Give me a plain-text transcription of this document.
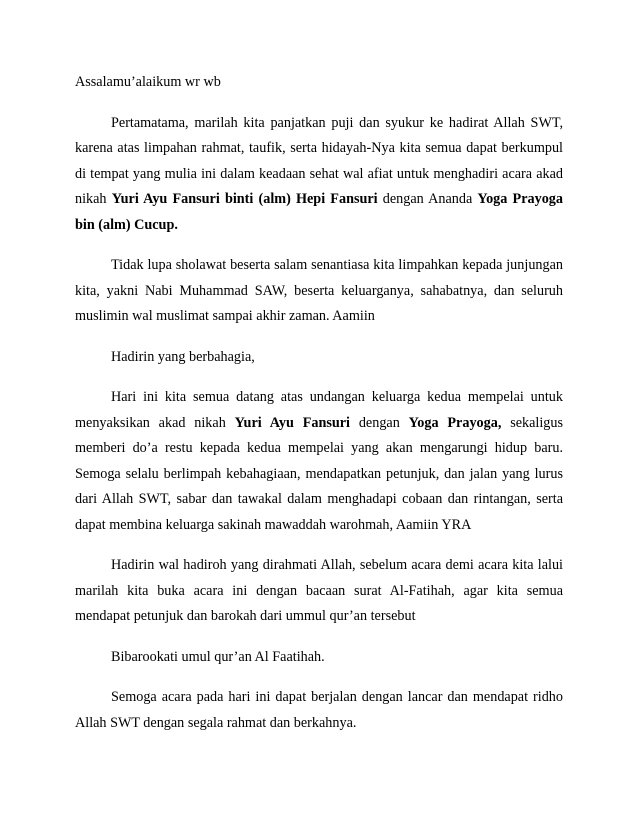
Assalamu’alaikum wr wb

Pertamatama, marilah kita panjatkan puji dan syukur ke hadirat Allah SWT, karena atas limpahan rahmat, taufik, serta hidayah-Nya kita semua dapat berkumpul di tempat yang mulia ini dalam keadaan sehat wal afiat untuk menghadiri acara akad nikah Yuri Ayu Fansuri binti (alm) Hepi Fansuri dengan Ananda Yoga Prayoga bin (alm) Cucup.

Tidak lupa sholawat beserta salam senantiasa kita limpahkan kepada junjungan kita, yakni Nabi Muhammad SAW, beserta keluarganya, sahabatnya, dan seluruh muslimin wal muslimat sampai akhir zaman. Aamiin

Hadirin yang berbahagia,

Hari ini kita semua datang atas undangan keluarga kedua mempelai untuk menyaksikan akad nikah Yuri Ayu Fansuri dengan Yoga Prayoga, sekaligus memberi do’a restu kepada kedua mempelai yang akan mengarungi hidup baru. Semoga selalu berlimpah kebahagiaan, mendapatkan petunjuk, dan jalan yang lurus dari Allah SWT, sabar dan tawakal dalam menghadapi cobaan dan rintangan, serta dapat membina keluarga sakinah mawaddah warohmah, Aamiin YRA

Hadirin wal hadiroh yang dirahmati Allah, sebelum acara demi acara kita lalui marilah kita buka acara ini dengan bacaan surat Al-Fatihah, agar kita semua mendapat petunjuk dan barokah dari ummul qur’an tersebut

Bibarookati umul qur’an Al Faatihah.

Semoga acara pada hari ini dapat berjalan dengan lancar dan mendapat ridho Allah SWT dengan segala rahmat dan berkahnya.
